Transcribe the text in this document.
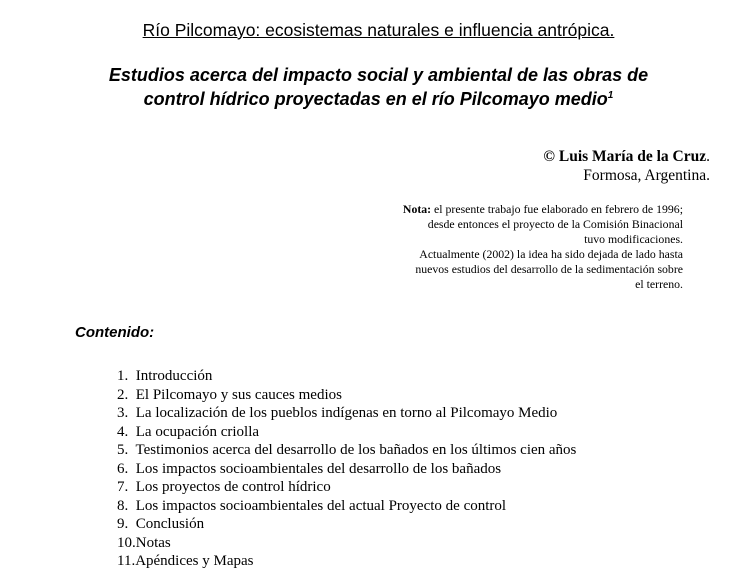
Río Pilcomayo: ecosistemas naturales e influencia antrópica.
Estudios acerca del impacto social y ambiental de las obras de
control hídrico proyectadas en el río Pilcomayo medio$^1$
© Luis María de la Cruz.
Formosa, Argentina.
Nota: el presente trabajo fue elaborado en febrero de 1996;
desde entonces el proyecto de la Comisión Binacional
tuvo modificaciones.
Actualmente (2002) la idea ha sido dejada de lado hasta
nuevos estudios del desarrollo de la sedimentación sobre
el terreno.
Contenido:
1.  Introducción
2.  El Pilcomayo y sus cauces medios
3.  La localización de los pueblos indígenas en torno al Pilcomayo Medio
4.  La ocupación criolla
5.  Testimonios acerca del desarrollo de los bañados en los últimos cien años
6.  Los impactos socioambientales del desarrollo de los bañados
7.  Los proyectos de control hídrico
8.  Los impactos socioambientales del actual Proyecto de control
9.  Conclusión
10.Notas
11.Apéndices y Mapas
